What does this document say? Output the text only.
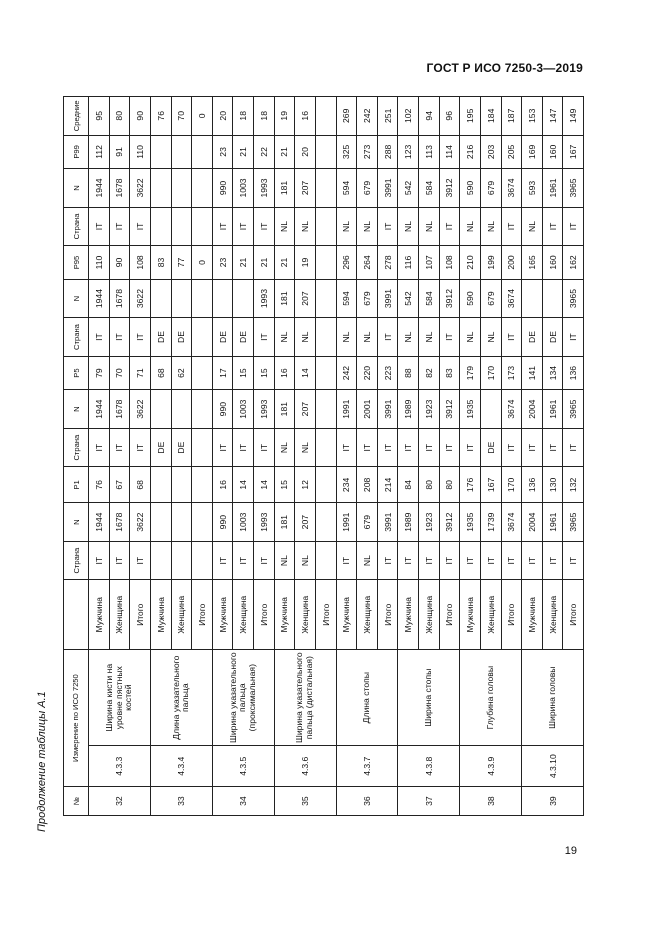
ГОСТ Р ИСО 7250-3—2019
№	Измерение по ИСО 7250			Страна	N	P1	Страна	N	P5	Страна	N	P95	Страна	N	P99	Средние
32	4.3.3	Ширина кисти на уровне пястных костей	Мужчина	IT	1944	76	IT	1944	79	IT	1944	110	IT	1944	112	95
			Женщина	IT	1678	67	IT	1678	70	IT	1678	90	IT	1678	91	80
			Итого	IT	3622	68	IT	3622	71	IT	3622	108	IT	3622	110	90
33	4.3.4	Длина указательного пальца	Мужчина				DE		68	DE		83				76
			Женщина				DE		62	DE		77				70
			Итого									0				0
34	4.3.5	Ширина указательного пальца (проксимальная)	Мужчина	IT	990	16	IT	990	17	DE		23	IT	990	23	20
			Женщина	IT	1003	14	IT	1003	15	DE		21	IT	1003	21	18
			Итого	IT	1993	14	IT	1993	15	IT	1993	21	IT	1993	22	18
35	4.3.6	Ширина указательного пальца (дистальная)	Мужчина	NL	181	15	NL	181	16	NL	181	21	NL	181	21	19
			Женщина	NL	207	12	NL	207	14	NL	207	19	NL	207	20	16
			Итого													
36	4.3.7	Длина стопы	Мужчина	IT	1991	234	IT	1991	242	NL	594	296	NL	594	325	269
			Женщина	NL	679	208	IT	2001	220	NL	679	264	NL	679	273	242
			Итого	IT	3991	214	IT	3991	223	IT	3991	278	IT	3991	288	251
37	4.3.8	Ширина стопы	Мужчина	IT	1989	84	IT	1989	88	NL	542	116	NL	542	123	102
			Женщина	IT	1923	80	IT	1923	82	NL	584	107	NL	584	113	94
			Итого	IT	3912	80	IT	3912	83	IT	3912	108	IT	3912	114	96
38	4.3.9	Глубина головы	Мужчина	IT	1935	176	IT	1935	179	NL	590	210	NL	590	216	195
			Женщина	IT	1739	167	DE		170	NL	679	199	NL	679	203	184
			Итого	IT	3674	170	IT	3674	173	IT	3674	200	IT	3674	205	187
39	4.3.10	Ширина головы	Мужчина	IT	2004	136	IT	2004	141	DE		165	NL	593	169	153
			Женщина	IT	1961	130	IT	1961	134	DE		160	IT	1961	160	147
			Итого	IT	3965	132	IT	3965	136	IT	3965	162	IT	3965	167	149
Продолжение таблицы А.1
19
